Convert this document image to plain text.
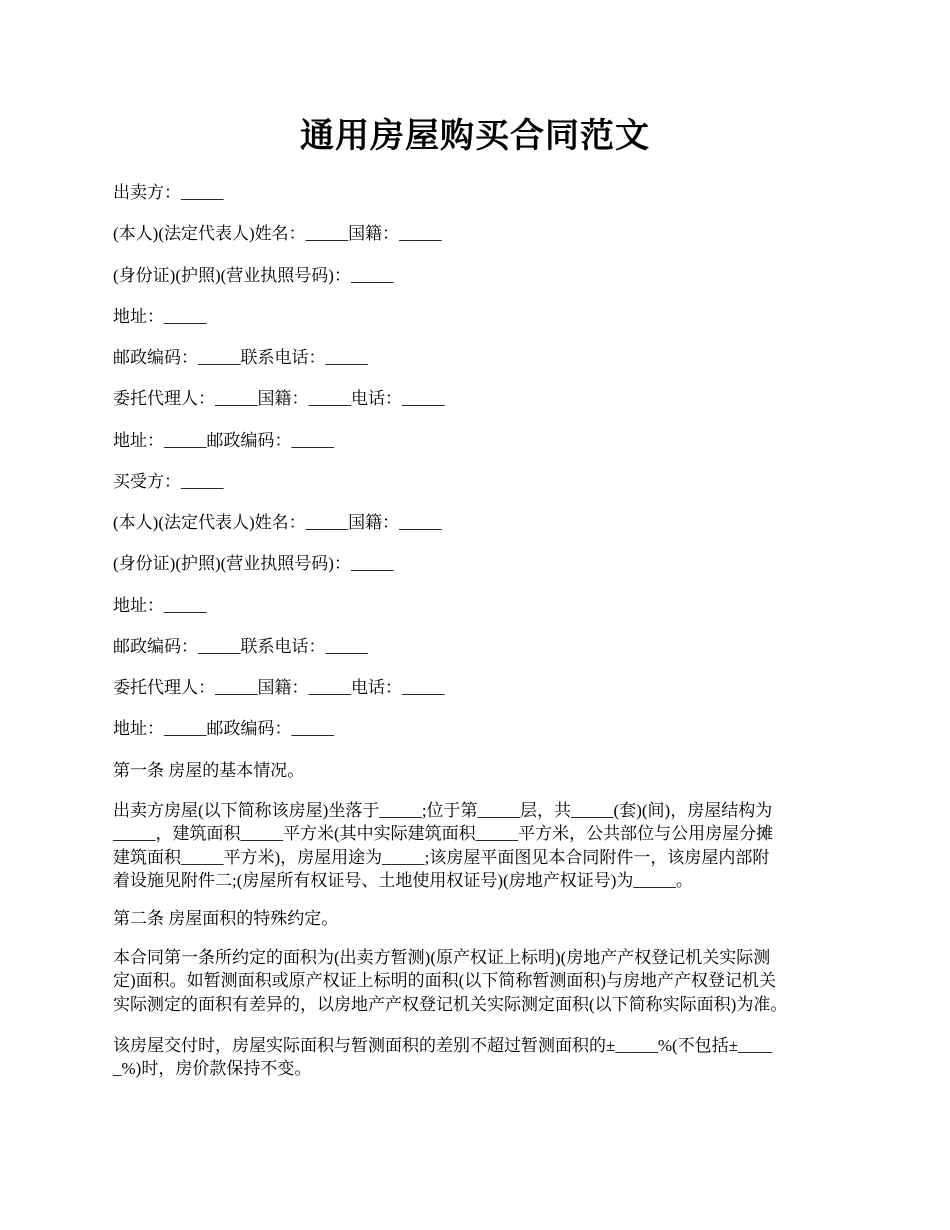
通用房屋购买合同范文

出卖方：_____

(本人)(法定代表人)姓名：_____国籍：_____

(身份证)(护照)(营业执照号码)：_____

地址：_____

邮政编码：_____联系电话：_____

委托代理人：_____国籍：_____电话：_____

地址：_____邮政编码：_____

买受方：_____

(本人)(法定代表人)姓名：_____国籍：_____

(身份证)(护照)(营业执照号码)：_____

地址：_____

邮政编码：_____联系电话：_____

委托代理人：_____国籍：_____电话：_____

地址：_____邮政编码：_____

第一条 房屋的基本情况。

出卖方房屋(以下简称该房屋)坐落于_____;位于第_____层，共_____(套)(间)，房屋结构为

_____，建筑面积_____平方米(其中实际建筑面积_____平方米，公共部位与公用房屋分摊

建筑面积_____平方米)，房屋用途为_____;该房屋平面图见本合同附件一，该房屋内部附

着设施见附件二;(房屋所有权证号、土地使用权证号)(房地产权证号)为_____。

第二条 房屋面积的特殊约定。

本合同第一条所约定的面积为(出卖方暂测)(原产权证上标明)(房地产产权登记机关实际测

定)面积。如暂测面积或原产权证上标明的面积(以下简称暂测面积)与房地产产权登记机关

实际测定的面积有差异的，以房地产产权登记机关实际测定面积(以下简称实际面积)为准。

该房屋交付时，房屋实际面积与暂测面积的差别不超过暂测面积的±_____%(不包括±____

_%)时，房价款保持不变。
